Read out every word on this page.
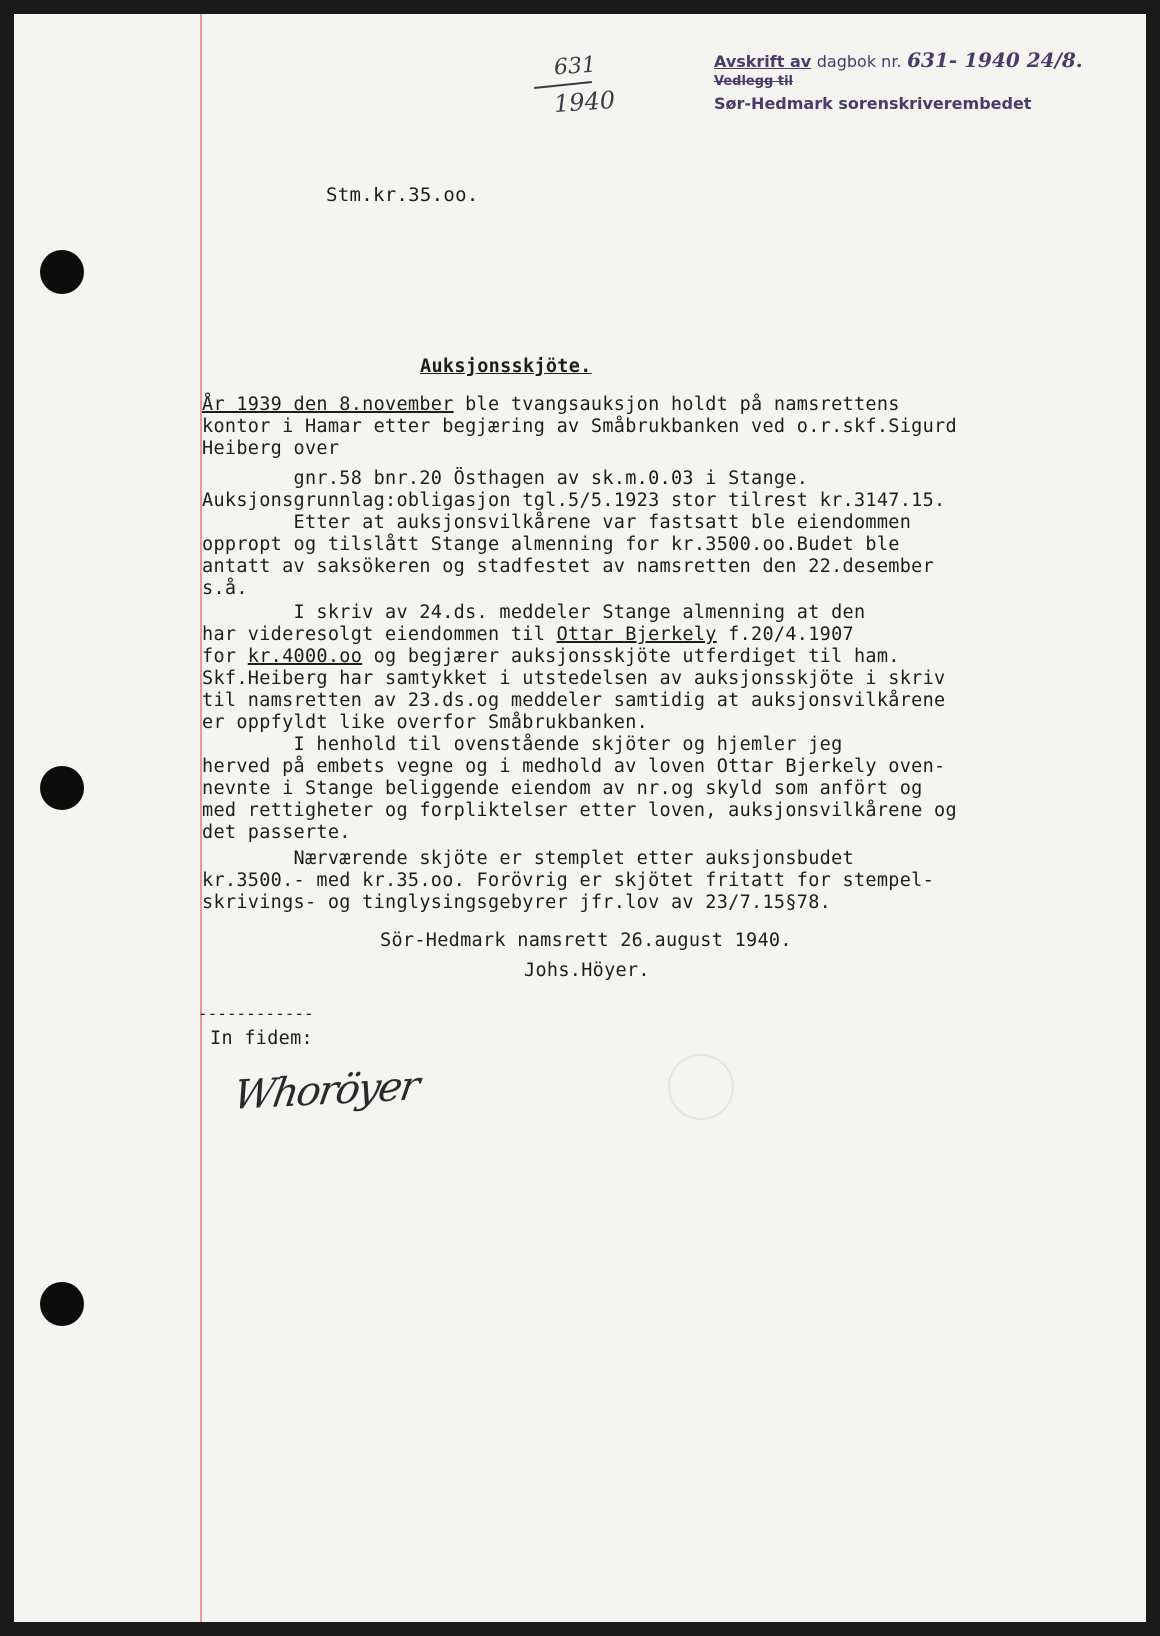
631
1940
Avskrift av dagbok nr. 631- 1940 24/8.
Vedlegg til
Sør-Hedmark sorenskriverembedet
Stm.kr.35.oo.
Auksjonsskjöte.
År 1939 den 8.november ble tvangsauksjon holdt på namsrettens
kontor i Hamar etter begjæring av Småbrukbanken ved o.r.skf.Sigurd
Heiberg over
gnr.58 bnr.20 Östhagen av sk.m.0.03 i Stange.
Auksjonsgrunnlag:obligasjon tgl.5/5.1923 stor tilrest kr.3147.15.
Etter at auksjonsvilkårene var fastsatt ble eiendommen
oppropt og tilslått Stange almenning for kr.3500.oo.Budet ble
antatt av saksökeren og stadfestet av namsretten den 22.desember
s.å.
I skriv av 24.ds. meddeler Stange almenning at den
har videresolgt eiendommen til Ottar Bjerkely f.20/4.1907
for kr.4000.oo og begjærer auksjonsskjöte utferdiget til ham.
Skf.Heiberg har samtykket i utstedelsen av auksjonsskjöte i skriv
til namsretten av 23.ds.og meddeler samtidig at auksjonsvilkårene
er oppfyldt like overfor Småbrukbanken.
I henhold til ovenstående skjöter og hjemler jeg
herved på embets vegne og i medhold av loven Ottar Bjerkely oven-
nevnte i Stange beliggende eiendom av nr.og skyld som anfört og
med rettigheter og forpliktelser etter loven, auksjonsvilkårene og
det passerte.
Nærværende skjöte er stemplet etter auksjonsbudet
kr.3500.- med kr.35.oo. Forövrig er skjötet fritatt for stempel-
skrivings- og tinglysingsgebyrer jfr.lov av 23/7.15§78.
Sör-Hedmark namsrett 26.august 1940.
Johs.Höyer.
------------
In fidem:
Whoröyer
